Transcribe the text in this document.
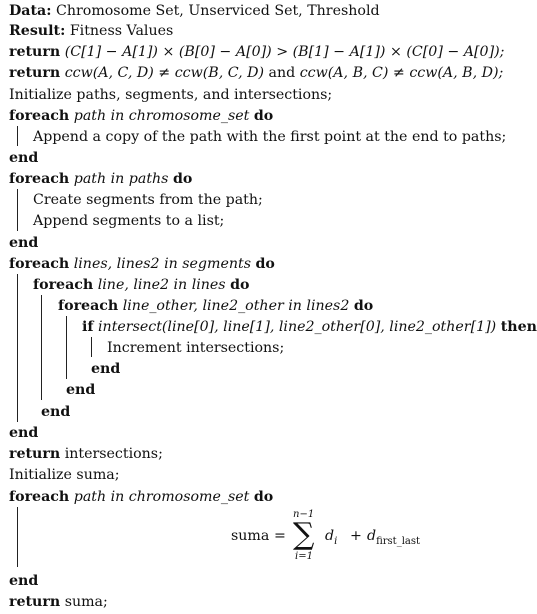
Data: Chromosome Set, Unserviced Set, Threshold
Result: Fitness Values
return (C[1] − A[1]) × (B[0] − A[0]) > (B[1] − A[1]) × (C[0] − A[0]);
return ccw(A, C, D) ≠ ccw(B, C, D) and ccw(A, B, C) ≠ ccw(A, B, D);
Initialize paths, segments, and intersections;
foreach path in chromosome_set do
Append a copy of the path with the first point at the end to paths;
end
foreach path in paths do
Create segments from the path;
Append segments to a list;
end
foreach lines, lines2 in segments do
foreach line, line2 in lines do
foreach line_other, line2_other in lines2 do
if intersect(line[0], line[1], line2_other[0], line2_other[1]) then
Increment intersections;
end
end
end
end
return intersections;
Initialize suma;
foreach path in chromosome_set do
suma =
n−1
∑
i=1
$d_i + d_{first\_last}$
end
return suma;
